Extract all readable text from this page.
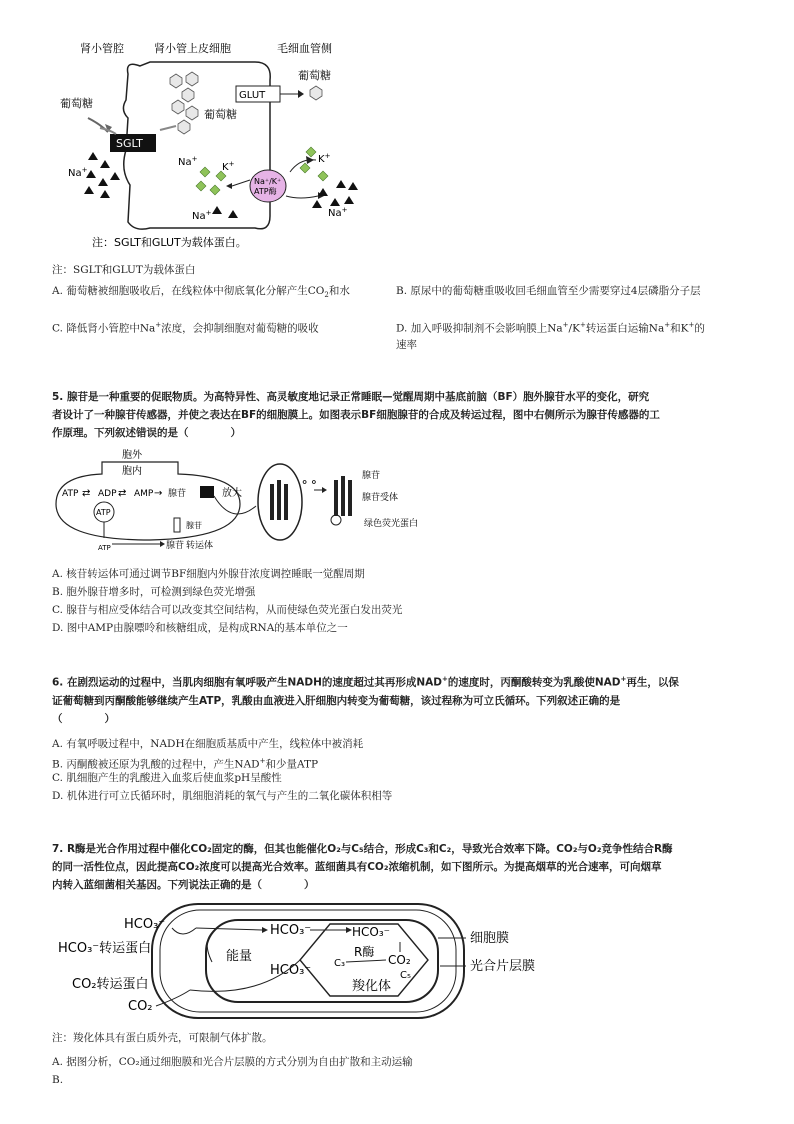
肾小管腔	肾小管上皮细胞	毛细血管侧
葡萄糖
SGLT
葡萄糖
GLUT
葡萄糖
Na+
Na+
K+
Na⁺/K⁺
ATP酶
Na+
K+
Na+
注：SGLT和GLUT为载体蛋白。
注：SGLT和GLUT为载体蛋白
A. 葡萄糖被细胞吸收后，在线粒体中彻底氧化分解产生$CO_2$和水	B. 原尿中的葡萄糖重吸收回毛细血管至少需要穿过4层磷脂分子层
C. 降低肾小管腔中Na+浓度，会抑制细胞对葡萄糖的吸收	D. 加入呼吸抑制剂不会影响膜上Na+/K+转运蛋白运输Na+和K+的
速率
5. 腺苷是一种重要的促眠物质。为高特异性、高灵敏度地记录正常睡眠—觉醒周期中基底前脑（BF）胞外腺苷水平的变化，研究
者设计了一种腺苷传感器，并使之表达在BF的细胞膜上。如图表示BF细胞腺苷的合成及转运过程，图中右侧所示为腺苷传感器的工
作原理。下列叙述错误的是（　　　　）
胞外
胞内
ATP ⇄ ADP ⇄ AMP → 腺苷
ATP
ATP	腺苷
腺苷
转运体
放大
⚬⚬	腺苷
腺苷受体
绿色荧光蛋白
A. 核苷转运体可通过调节BF细胞内外腺苷浓度调控睡眠一觉醒周期
B. 胞外腺苷增多时，可检测到绿色荧光增强
C. 腺苷与相应受体结合可以改变其空间结构，从而使绿色荧光蛋白发出荧光
D. 图中AMP由腺嘌呤和核糖组成，是构成RNA的基本单位之一
6. 在剧烈运动的过程中，当肌肉细胞有氧呼吸产生NADH的速度超过其再形成NAD+的速度时，丙酮酸转变为乳酸使NAD+再生，以保
证葡萄糖到丙酮酸能够继续产生ATP，乳酸由血液进入肝细胞内转变为葡萄糖，该过程称为可立氏循环。下列叙述正确的是
（　　　　）
A. 有氧呼吸过程中，NADH在细胞质基质中产生，线粒体中被消耗
B. 丙酮酸被还原为乳酸的过程中，产生NAD+和少量ATP
C. 肌细胞产生的乳酸进入血浆后使血浆pH呈酸性
D. 机体进行可立氏循环时，肌细胞消耗的氧气与产生的二氧化碳体积相等
7. R酶是光合作用过程中催化CO₂固定的酶，但其也能催化O₂与C₅结合，形成C₃和C₂，导致光合效率下降。CO₂与O₂竞争性结合R酶
的同一活性位点，因此提高CO₂浓度可以提高光合效率。蓝细菌具有CO₂浓缩机制，如下图所示。为提高烟草的光合速率，可向烟草
内转入蓝细菌相关基因。下列说法正确的是（　　　　）
HCO₃⁻
HCO₃⁻转运蛋白
HCO₃⁻
能量
HCO₃⁻
HCO₃⁻
R酶
C₃	CO₂
C₅
羧化体
CO₂转运蛋白
CO₂
细胞膜
光合片层膜
注：羧化体具有蛋白质外壳，可限制气体扩散。
A. 据图分析，CO₂通过细胞膜和光合片层膜的方式分别为自由扩散和主动运输
B.
